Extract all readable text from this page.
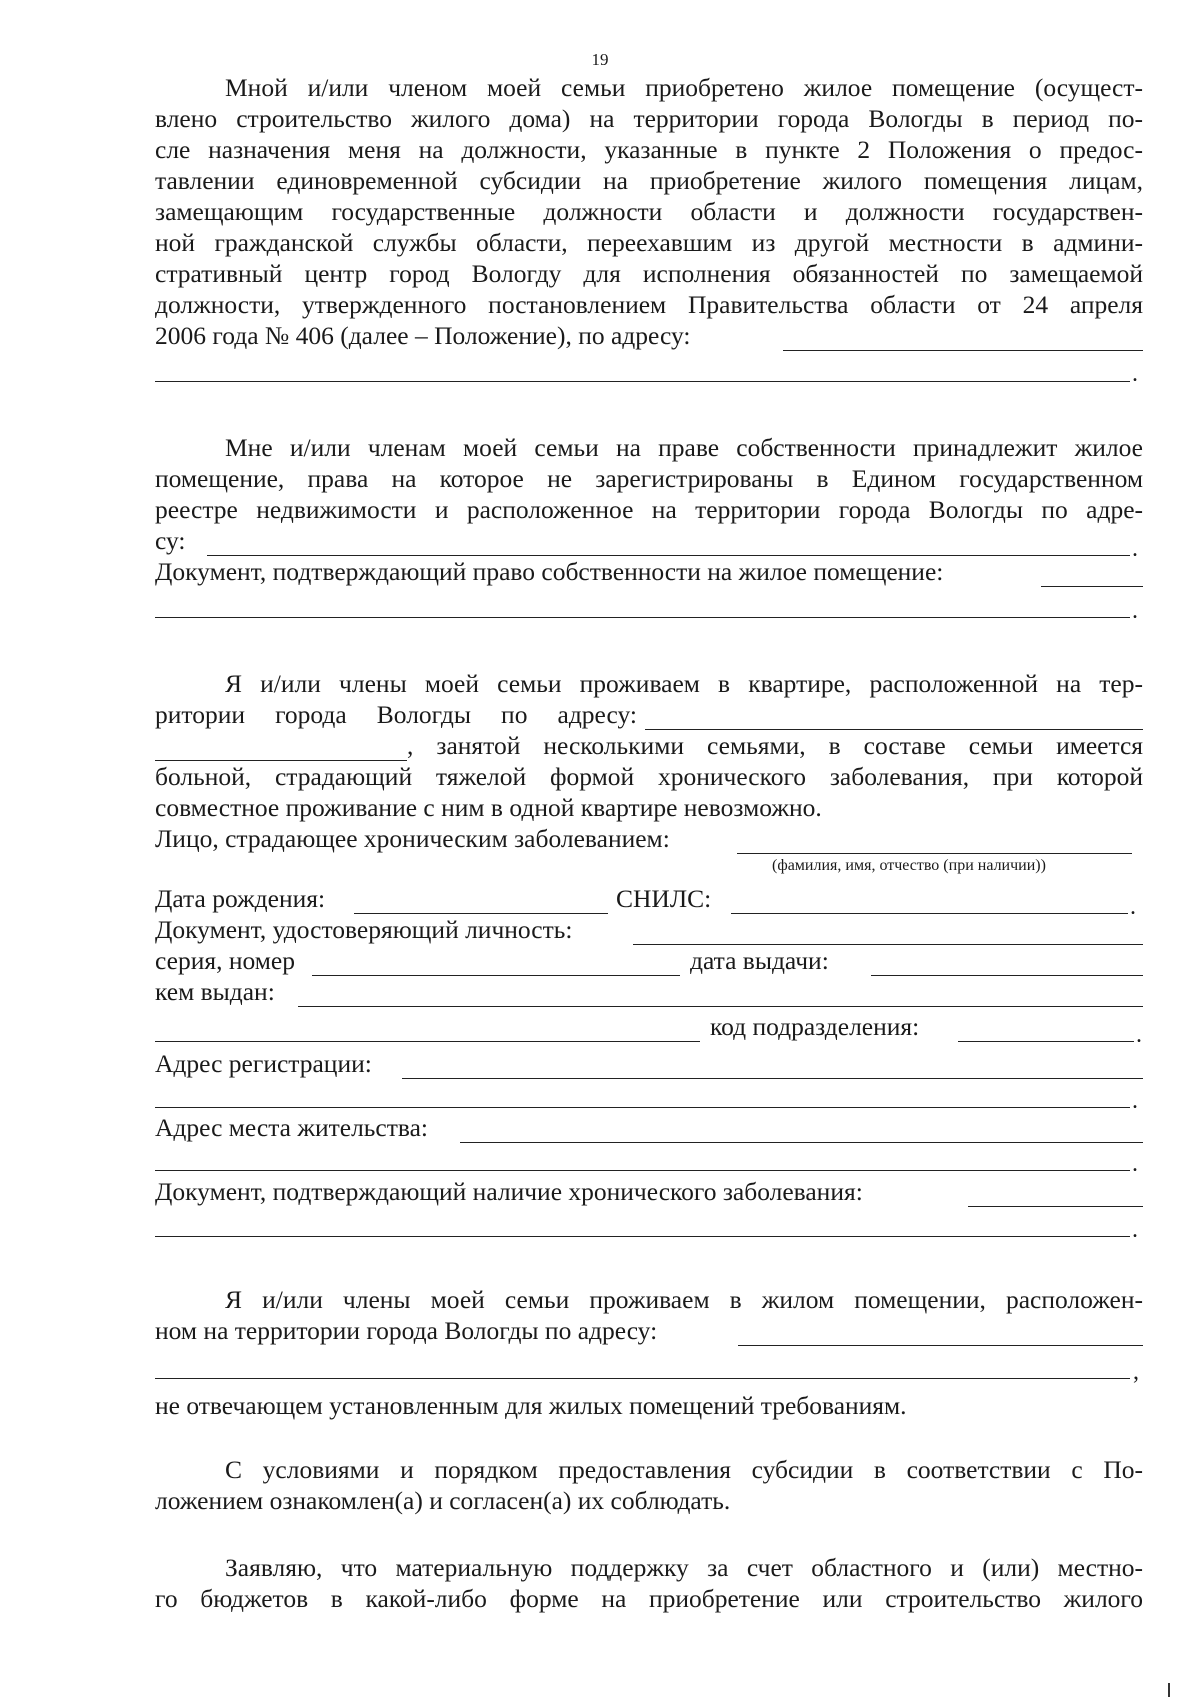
19
Мной и/или членом моей семьи приобретено жилое помещение (осущест-
влено строительство жилого дома) на территории города Вологды в период по-
сле назначения меня на должности, указанные в пункте 2 Положения о предос-
тавлении единовременной субсидии на приобретение жилого помещения лицам,
замещающим государственные должности области и должности государствен-
ной гражданской службы области, переехавшим из другой местности в админи-
стративный центр город Вологду для исполнения обязанностей по замещаемой
должности, утвержденного постановлением Правительства области от 24 апреля
2006 года № 406 (далее – Положение), по адресу:
.
Мне и/или членам моей семьи на праве собственности принадлежит жилое
помещение, права на которое не зарегистрированы в Едином государственном
реестре недвижимости и расположенное на территории города Вологды по адре-
су:	.
Документ, подтверждающий право собственности на жилое помещение:
.
Я и/или члены моей семьи проживаем в квартире, расположенной на тер-
ритории города Вологды по адресу:
, занятой несколькими семьями, в составе семьи имеется
больной, страдающий тяжелой формой хронического заболевания, при которой
совместное проживание с ним в одной квартире невозможно.
Лицо, страдающее хроническим заболеванием:
(фамилия, имя, отчество (при наличии))
Дата рождения:	СНИЛС:	.
Документ, удостоверяющий личность:
серия, номер	дата выдачи:
кем выдан:
код подразделения:	.
Адрес регистрации:
.
Адрес места жительства:
.
Документ, подтверждающий наличие хронического заболевания:
.
Я и/или члены моей семьи проживаем в жилом помещении, расположен-
ном на территории города Вологды по адресу:
,
не отвечающем установленным для жилых помещений требованиям.
С условиями и порядком предоставления субсидии в соответствии с По-
ложением ознакомлен(а) и согласен(а) их соблюдать.
Заявляю, что материальную поддержку за счет областного и (или) местно-
го бюджетов в какой-либо форме на приобретение или строительство жилого
